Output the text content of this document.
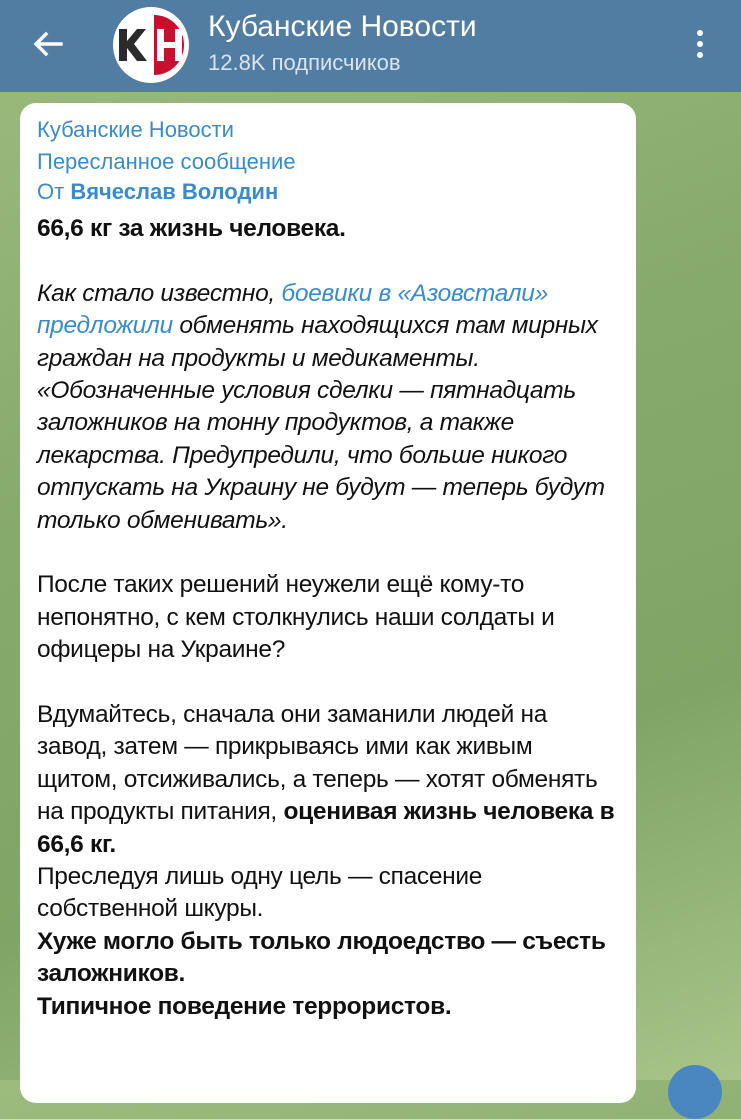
Кубанские Новости
12.8K подписчиков
Кубанские Новости
Пересланное сообщение
От Вячеслав Володин
66,6 кг за жизнь человека.
Как стало известно, боевики в «Азовстали» предложили обменять находящихся там мирных граждан на продукты и медикаменты.
«Обозначенные условия сделки — пятнадцать заложников на тонну продуктов, а также лекарства. Предупредили, что больше никого отпускать на Украину не будут — теперь будут только обменивать».
После таких решений неужели ещё кому-то непонятно, с кем столкнулись наши солдаты и офицеры на Украине?
Вдумайтесь, сначала они заманили людей на завод, затем — прикрываясь ими как живым щитом, отсиживались, а теперь — хотят обменять на продукты питания, оценивая жизнь человека в 66,6 кг.
Преследуя лишь одну цель — спасение собственной шкуры.
Хуже могло быть только людоедство — съесть заложников.
Типичное поведение террористов.
